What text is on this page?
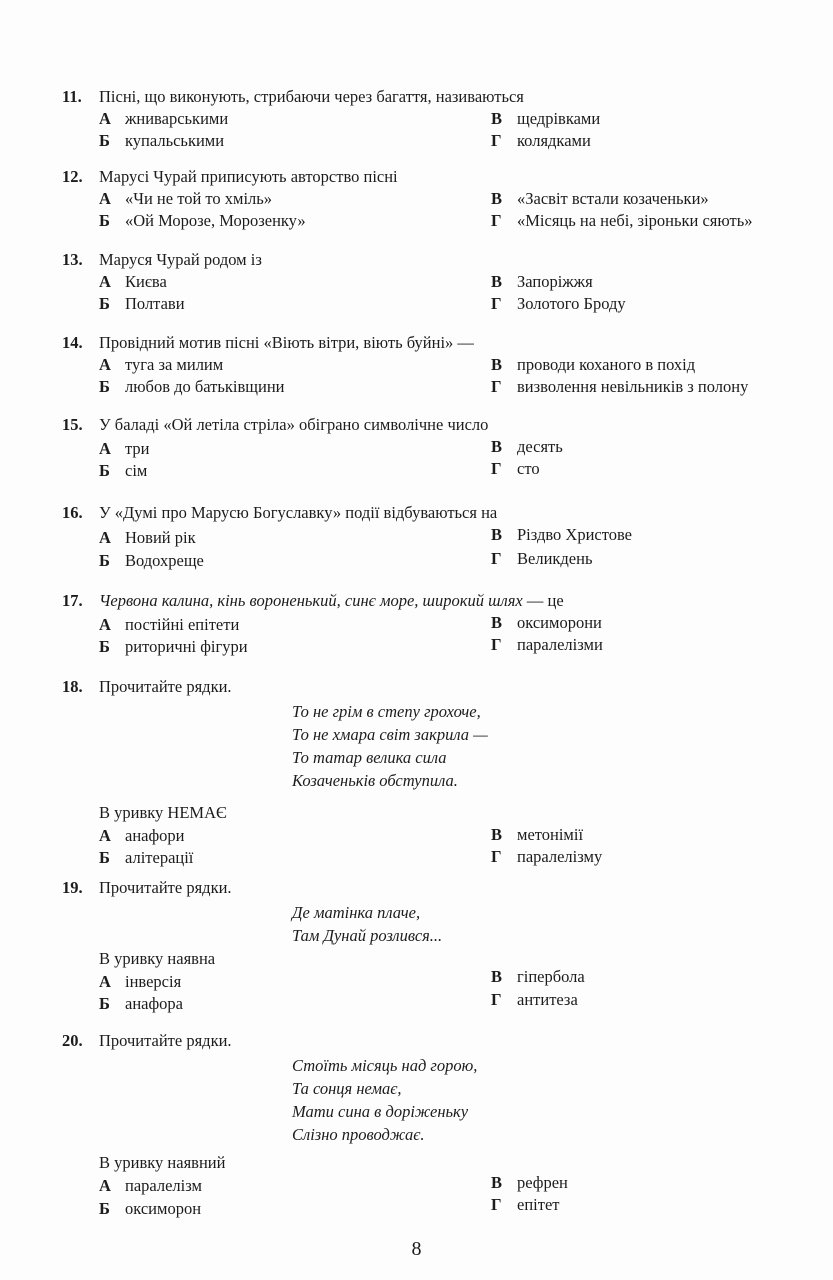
11.	Пісні, що виконують, стрибаючи через багаття, називаються
А жниварськими
Б купальськими
В щедрівками
Г колядками
12. Марусі Чурай приписують авторство пісні
А «Чи не той то хміль»
Б «Ой Морозе, Морозенку»
В «Засвіт встали козаченьки»
Г «Місяць на небі, зіроньки сяють»
13. Маруся Чурай родом із
А Києва
Б Полтави
В Запоріжжя
Г Золотого Броду
14. Провідний мотив пісні «Віють вітри, віють буйні» —
А туга за милим
Б любов до батьківщини
В проводи коханого в похід
Г визволення невільників з полону
15. У баладі «Ой летіла стріла» обіграно символічне число
А три
Б сім
В десять
Г сто
16. У «Думі про Марусю Богуславку» події відбуваються на
А Новий рік
Б Водохреще
В Різдво Христове
Г Великдень
17. Червона калина, кінь вороненький, синє море, широкий шлях — це
А постійні епітети
Б риторичні фігури
В оксиморони
Г паралелізми
18. Прочитайте рядки.
То не грім в степу грохоче,
То не хмара світ закрила —
То татар велика сила
Козаченьків обступила.
В уривку НЕМАЄ
А анафори
Б алітерації
В метонімії
Г паралелізму
19. Прочитайте рядки.
Де матінка плаче,
Там Дунай розлився...
В уривку наявна
А інверсія
Б анафора
В гіпербола
Г антитеза
20. Прочитайте рядки.
Стоїть місяць над горою,
Та сонця немає,
Мати сина в доріженьку
Слізно проводжає.
В уривку наявний
А паралелізм
Б оксиморон
В рефрен
Г епітет
8
